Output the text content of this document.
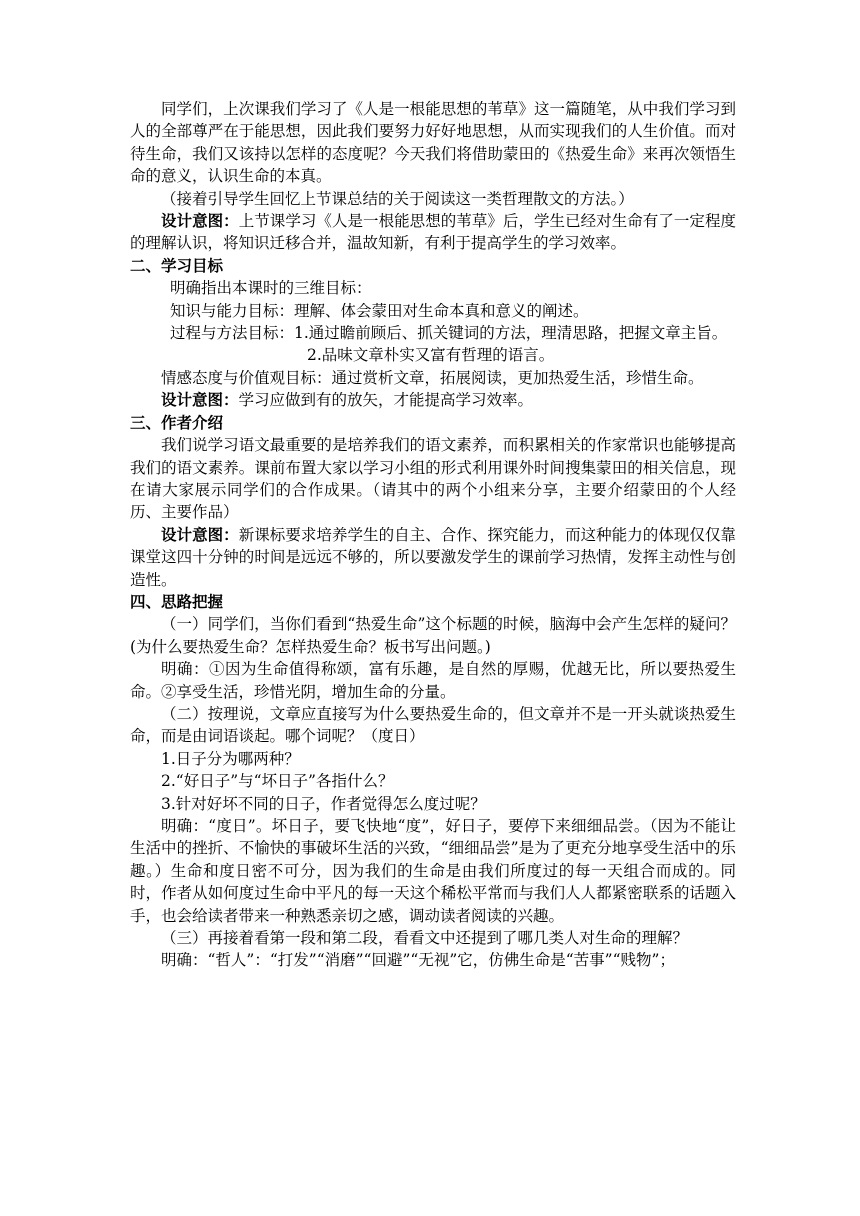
同学们，上次课我们学习了《人是一根能思想的苇草》这一篇随笔，从中我们学习到人的全部尊严在于能思想，因此我们要努力好好地思想，从而实现我们的人生价值。而对待生命，我们又该持以怎样的态度呢？今天我们将借助蒙田的《热爱生命》来再次领悟生命的意义，认识生命的本真。

（接着引导学生回忆上节课总结的关于阅读这一类哲理散文的方法。）

设计意图：上节课学习《人是一根能思想的苇草》后，学生已经对生命有了一定程度的理解认识，将知识迁移合并，温故知新，有利于提高学生的学习效率。

二、学习目标

明确指出本课时的三维目标：

知识与能力目标：理解、体会蒙田对生命本真和意义的阐述。

过程与方法目标：1.通过瞻前顾后、抓关键词的方法，理清思路，把握文章主旨。

2.品味文章朴实又富有哲理的语言。

情感态度与价值观目标：通过赏析文章，拓展阅读，更加热爱生活，珍惜生命。

设计意图：学习应做到有的放矢，才能提高学习效率。

三、作者介绍

我们说学习语文最重要的是培养我们的语文素养，而积累相关的作家常识也能够提高我们的语文素养。课前布置大家以学习小组的形式利用课外时间搜集蒙田的相关信息，现在请大家展示同学们的合作成果。（请其中的两个小组来分享，主要介绍蒙田的个人经历、主要作品）

设计意图：新课标要求培养学生的自主、合作、探究能力，而这种能力的体现仅仅靠课堂这四十分钟的时间是远远不够的，所以要激发学生的课前学习热情，发挥主动性与创造性。

四、思路把握

（一）同学们，当你们看到“热爱生命”这个标题的时候，脑海中会产生怎样的疑问？　(为什么要热爱生命？怎样热爱生命？板书写出问题。)

明确：①因为生命值得称颂，富有乐趣，是自然的厚赐，优越无比，所以要热爱生命。②享受生活，珍惜光阴，增加生命的分量。

（二）按理说，文章应直接写为什么要热爱生命的，但文章并不是一开头就谈热爱生命，而是由词语谈起。哪个词呢？（度日）

1.日子分为哪两种？

2.“好日子”与“坏日子”各指什么？

3.针对好坏不同的日子，作者觉得怎么度过呢？

明确：“度日”。坏日子，要飞快地“度”，好日子，要停下来细细品尝。（因为不能让生活中的挫折、不愉快的事破坏生活的兴致，“细细品尝”是为了更充分地享受生活中的乐趣。）生命和度日密不可分，因为我们的生命是由我们所度过的每一天组合而成的。同时，作者从如何度过生命中平凡的每一天这个稀松平常而与我们人人都紧密联系的话题入手，也会给读者带来一种熟悉亲切之感，调动读者阅读的兴趣。

（三）再接着看第一段和第二段，看看文中还提到了哪几类人对生命的理解？

明确：“哲人”：“打发”“消磨”“回避”“无视”它，仿佛生命是“苦事”“贱物”；
